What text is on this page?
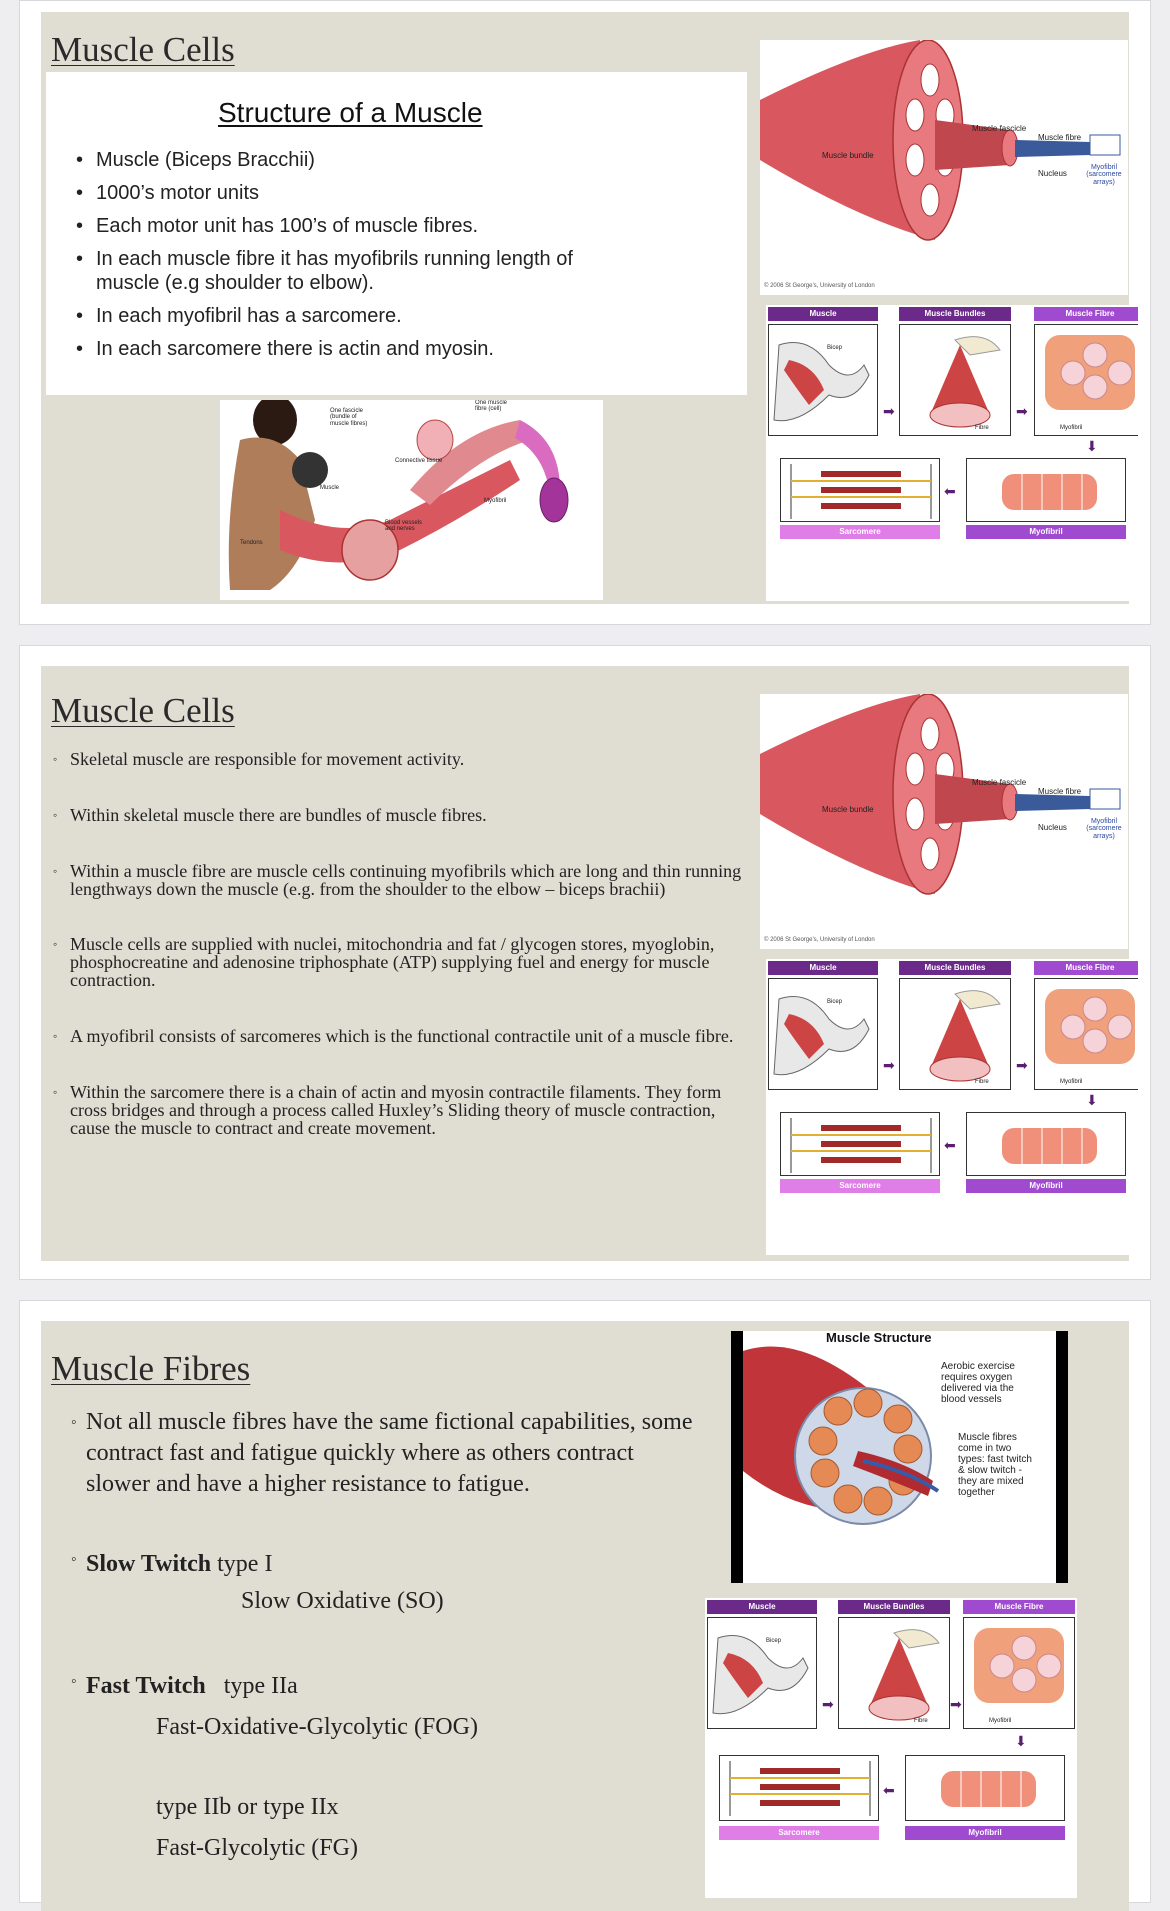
Muscle Cells
Structure of a Muscle
• Muscle (Biceps Bracchii)
• 1000’s motor units
• Each motor unit has 100’s of muscle fibres.
• In each muscle fibre it has myofibrils running length of muscle (e.g shoulder to elbow).
• In each myofibril has a sarcomere.
• In each sarcomere there is actin and myosin.
One fascicle (bundle of muscle fibres)
One muscle fibre (cell)
Connective tissue
Muscle
Myofibril
Blood vessels and nerves
Tendons
Muscle bundle
Muscle fascicle
Muscle fibre
Nucleus
Myofibril (sarcomere arrays)
© 2006 St George’s, University of London
Muscle	Muscle Bundles	Muscle Fibre
Bicep
➡
Fibre
➡
Myofibril
⬇
⬅
Sarcomere	Myofibril
Muscle Cells
◦ Skeletal muscle are responsible for movement activity.
◦ Within skeletal muscle there are bundles of muscle fibres.
◦ Within a muscle fibre are muscle cells continuing myofibrils which are long and thin running lengthways down the muscle (e.g. from the shoulder to the elbow – biceps brachii)
◦ Muscle cells are supplied with nuclei, mitochondria and fat / glycogen stores, myoglobin, phosphocreatine and adenosine triphosphate (ATP) supplying fuel and energy for muscle contraction.
◦ A myofibril consists of sarcomeres which is the functional contractile unit of a muscle fibre.
◦ Within the sarcomere there is a chain of actin and myosin contractile filaments. They form cross bridges and through a process called Huxley’s Sliding theory of muscle contraction, cause the muscle to contract and create movement.
Muscle bundle
Muscle fascicle
Muscle fibre
Nucleus
Myofibril (sarcomere arrays)
© 2006 St George’s, University of London
Muscle	Muscle Bundles	Muscle Fibre
Bicep
➡
Fibre
➡
Myofibril
⬇
⬅
Sarcomere	Myofibril
Muscle Fibres
◦ Not all muscle fibres have the same fictional capabilities, some contract fast and fatigue quickly where as others contract slower and have a higher resistance to fatigue.
◦ Slow Twitch type I
Slow Oxidative (SO)
◦ Fast Twitch type IIa
Fast-Oxidative-Glycolytic (FOG)
type IIb or type IIx
Fast-Glycolytic (FG)
Muscle Structure
Aerobic exercise requires oxygen delivered via the blood vessels
Muscle fibres come in two types: fast twitch & slow twitch - they are mixed together
Muscle	Muscle Bundles	Muscle Fibre
Bicep
➡
Fibre
➡
Myofibril
⬇
⬅
Sarcomere	Myofibril
